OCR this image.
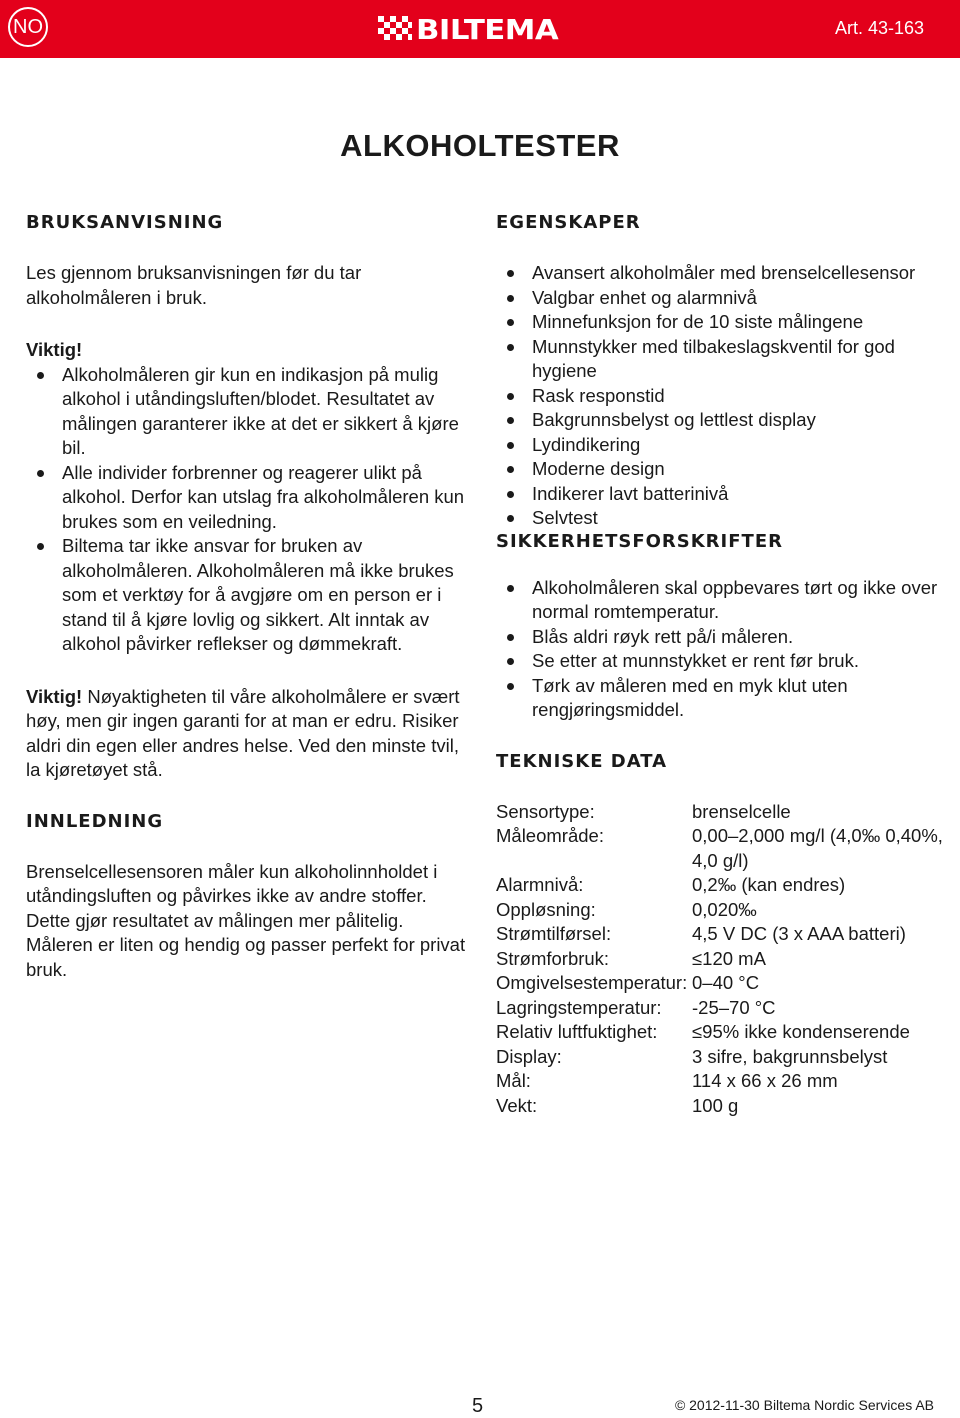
NO	BILTEMA	Art. 43-163
ALKOHOLTESTER
BRUKSANVISNING

Les gjennom bruksanvisningen før du tar alkoholmåleren i bruk.

Viktig!

Alkoholmåleren gir kun en indikasjon på mulig alkohol i utåndingsluften/blodet. Resultatet av målingen garanterer ikke at det er sikkert å kjøre bil.
Alle individer forbrenner og reagerer ulikt på alkohol. Derfor kan utslag fra alkoholmåleren kun brukes som en veiledning.
Biltema tar ikke ansvar for bruken av alkoholmåleren. Alkoholmåleren må ikke brukes som et verktøy for å avgjøre om en person er i stand til å kjøre lovlig og sikkert. Alt inntak av alkohol påvirker reflekser og dømmekraft.

Viktig! Nøyaktigheten til våre alkoholmålere er svært høy, men gir ingen garanti for at man er edru. Risiker aldri din egen eller andres helse. Ved den minste tvil, la kjøretøyet stå.

INNLEDNING

Brenselcellesensoren måler kun alkoholinnholdet i utåndingsluften og påvirkes ikke av andre stoffer. Dette gjør resultatet av målingen mer pålitelig. Måleren er liten og hendig og passer perfekt for privat bruk.

EGENSKAPER
Avansert alkoholmåler med brenselcellesensor
Valgbar enhet og alarmnivå
Minnefunksjon for de 10 siste målingene
Munnstykker med tilbakeslagskventil for god hygiene
Rask responstid
Bakgrunnsbelyst og lettlest display
Lydindikering
Moderne design
Indikerer lavt batterinivå
Selvtest
SIKKERHETSFORSKRIFTER
Alkoholmåleren skal oppbevares tørt og ikke over normal romtemperatur.
Blås aldri røyk rett på/i måleren.
Se etter at munnstykket er rent før bruk.
Tørk av måleren med en myk klut uten rengjøringsmiddel.
TEKNISKE DATA
Sensortype:	brenselcelle
Måleområde:	0,00–2,000 mg/l (4,0‰ 0,40%, 4,0 g/l)
Alarmnivå:	0,2‰ (kan endres)
Oppløsning:	0,020‰
Strømtilførsel:	4,5 V DC (3 x AAA batteri)
Strømforbruk:	≤120 mA
Omgivelsestemperatur: 0–40 °C
Lagringstemperatur:	-25–70 °C
Relativ luftfuktighet:	≤95% ikke kondenserende
Display:	3 sifre, bakgrunnsbelyst
Mål:	114 x 66 x 26 mm
Vekt:	100 g
5	© 2012-11-30 Biltema Nordic Services AB
